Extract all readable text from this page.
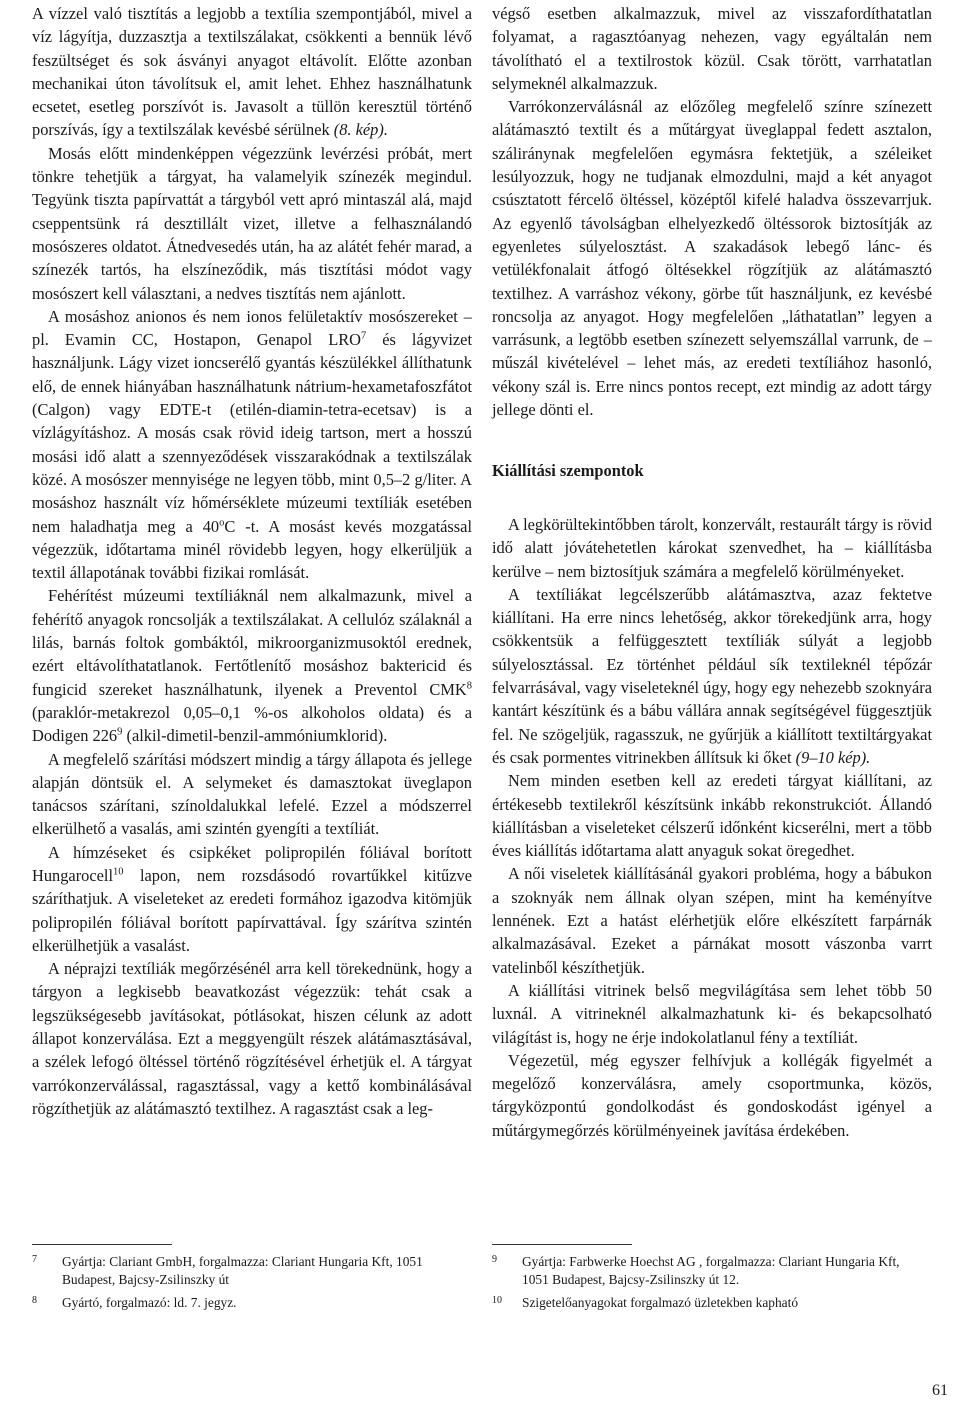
A vízzel való tisztítás a legjobb a textília szempontjából, mivel a víz lágyítja, duzzasztja a textilszálakat, csökkenti a bennük lévő feszültséget és sok ásványi anyagot eltávolít. Előtte azonban mechanikai úton távolítsuk el, amit lehet. Ehhez használhatunk ecsetet, esetleg porszívót is. Javasolt a tüllön keresztül történő porszívás, így a textilszálak kevésbé sérülnek (8. kép).

Mosás előtt mindenképpen végezzünk levérzési próbát, mert tönkre tehetjük a tárgyat, ha valamelyik színezék megindul. Tegyünk tiszta papírvattát a tárgyból vett apró mintaszál alá, majd cseppentsünk rá desztillált vizet, illetve a felhasználandó mosószeres oldatot. Átnedvesedés után, ha az alátét fehér marad, a színezék tartós, ha elszíneződik, más tisztítási módot vagy mosószert kell választani, a nedves tisztítás nem ajánlott.

A mosáshoz anionos és nem ionos felületaktív mosószereket – pl. Evamin CC, Hostapon, Genapol LRO$^7$ és lágyvizet használjunk. Lágy vizet ioncserélő gyantás készülékkel állíthatunk elő, de ennek hiányában használhatunk nátrium-hexametafoszfátot (Calgon) vagy EDTE-t (etilén-diamin-tetra-ecetsav) is a vízlágyításhoz. A mosás csak rövid ideig tartson, mert a hosszú mosási idő alatt a szennyeződések visszarakódnak a textilszálak közé. A mosószer mennyisége ne legyen több, mint 0,5–2 g/liter. A mosáshoz használt víz hőmérséklete múzeumi textíliák esetében nem haladhatja meg a 40$^o$C -t. A mosást kevés mozgatással végezzük, időtartama minél rövidebb legyen, hogy elkerüljük a textil állapotának további fizikai romlását.

Fehérítést múzeumi textíliáknál nem alkalmazunk, mivel a fehérítő anyagok roncsolják a textilszálakat. A cellulóz szálaknál a lilás, barnás foltok gombáktól, mikroorganizmusoktól erednek, ezért eltávolíthatatlanok. Fertőtlenítő mosáshoz baktericid és fungicid szereket használhatunk, ilyenek a Preventol CMK$^8$ (paraklór-metakrezol 0,05–0,1 %-os alkoholos oldata) és a Dodigen $226^9$ (alkil-dimetil-benzil-ammóniumklorid).

A megfelelő szárítási módszert mindig a tárgy állapota és jellege alapján döntsük el. A selymeket és damasztokat üveglapon tanácsos szárítani, színoldalukkal lefelé. Ezzel a módszerrel elkerülhető a vasalás, ami szintén gyengíti a textíliát.

A hímzéseket és csipkéket polipropilén fóliával borított Hungarocell$^{10}$ lapon, nem rozsdásodó rovartűkkel kitűzve száríthatjuk. A viseleteket az eredeti formához igazodva kitömjük polipropilén fóliával borított papírvattával. Így szárítva szintén elkerülhetjük a vasalást.

A néprajzi textíliák megőrzésénél arra kell törekednünk, hogy a tárgyon a legkisebb beavatkozást végezzük: tehát csak a legszükségesebb javításokat, pótlásokat, hiszen célunk az adott állapot konzerválása. Ezt a meggyengült részek alátámasztásával, a szélek lefogó öltéssel történő rögzítésével érhetjük el. A tárgyat varrókonzerválással, ragasztással, vagy a kettő kombinálásával rögzíthetjük az alátámasztó textilhez. A ragasztást csak a leg-

végső esetben alkalmazzuk, mivel az visszafordíthatatlan folyamat, a ragasztóanyag nehezen, vagy egyáltalán nem távolítható el a textilrostok közül. Csak törött, varrhatatlan selymeknél alkalmazzuk.

Varrókonzerválásnál az előzőleg megfelelő színre színezett alátámasztó textilt és a műtárgyat üveglappal fedett asztalon, száliránynak megfelelően egymásra fektetjük, a széleiket lesúlyozzuk, hogy ne tudjanak elmozdulni, majd a két anyagot csúsztatott fércelő öltéssel, középtől kifelé haladva összevarrjuk. Az egyenlő távolságban elhelyezkedő öltéssorok biztosítják az egyenletes súlyelosztást. A szakadások lebegő lánc- és vetülékfonalait átfogó öltésekkel rögzítjük az alátámasztó textilhez. A varráshoz vékony, görbe tűt használjunk, ez kevésbé roncsolja az anyagot. Hogy megfelelően „láthatatlan” legyen a varrásunk, a legtöbb esetben színezett selyemszállal varrunk, de – műszál kivételével – lehet más, az eredeti textíliához hasonló, vékony szál is. Erre nincs pontos recept, ezt mindig az adott tárgy jellege dönti el.

Kiállítási szempontok

A legkörültekintőbben tárolt, konzervált, restaurált tárgy is rövid idő alatt jóvátehetetlen károkat szenvedhet, ha – kiállításba kerülve – nem biztosítjuk számára a megfelelő körülményeket.

A textíliákat legcélszerűbb alátámasztva, azaz fektetve kiállítani. Ha erre nincs lehetőség, akkor törekedjünk arra, hogy csökkentsük a felfüggesztett textíliák súlyát a legjobb súlyelosztással. Ez történhet például sík textileknél tépőzár felvarrásával, vagy viseleteknél úgy, hogy egy nehezebb szoknyára kantárt készítünk és a bábu vállára annak segítségével függesztjük fel. Ne szögeljük, ragasszuk, ne gyűrjük a kiállított textiltárgyakat és csak pormentes vitrinekben állítsuk ki őket (9–10 kép).

Nem minden esetben kell az eredeti tárgyat kiállítani, az értékesebb textilekről készítsünk inkább rekonstrukciót. Állandó kiállításban a viseleteket célszerű időnként kicserélni, mert a több éves kiállítás időtartama alatt anyaguk sokat öregedhet.

A női viseletek kiállításánál gyakori probléma, hogy a bábukon a szoknyák nem állnak olyan szépen, mint ha keményítve lennének. Ezt a hatást elérhetjük előre elkészített farpárnák alkalmazásával. Ezeket a párnákat mosott vászonba varrt vatelinből készíthetjük.

A kiállítási vitrinek belső megvilágítása sem lehet több 50 luxnál. A vitrineknél alkalmazhatunk ki- és bekapcsolható világítást is, hogy ne érje indokolatlanul fény a textíliát.

Végezetül, még egyszer felhívjuk a kollégák figyelmét a megelőző konzerválásra, amely csoportmunka, közös, tárgyközpontú gondolkodást és gondoskodást igényel a műtárgymegőrzés körülményeinek javítása érdekében.

7	Gyártja: Clariant GmbH, forgalmazza: Clariant Hungaria Kft, 1051 Budapest, Bajcsy-Zsilinszky út
8	Gyártó, forgalmazó: ld. 7. jegyz.
9	Gyártja: Farbwerke Hoechst AG , forgalmazza: Clariant Hungaria Kft, 1051 Budapest, Bajcsy-Zsilinszky út 12.
10	Szigetelőanyagokat forgalmazó üzletekben kapható
61
